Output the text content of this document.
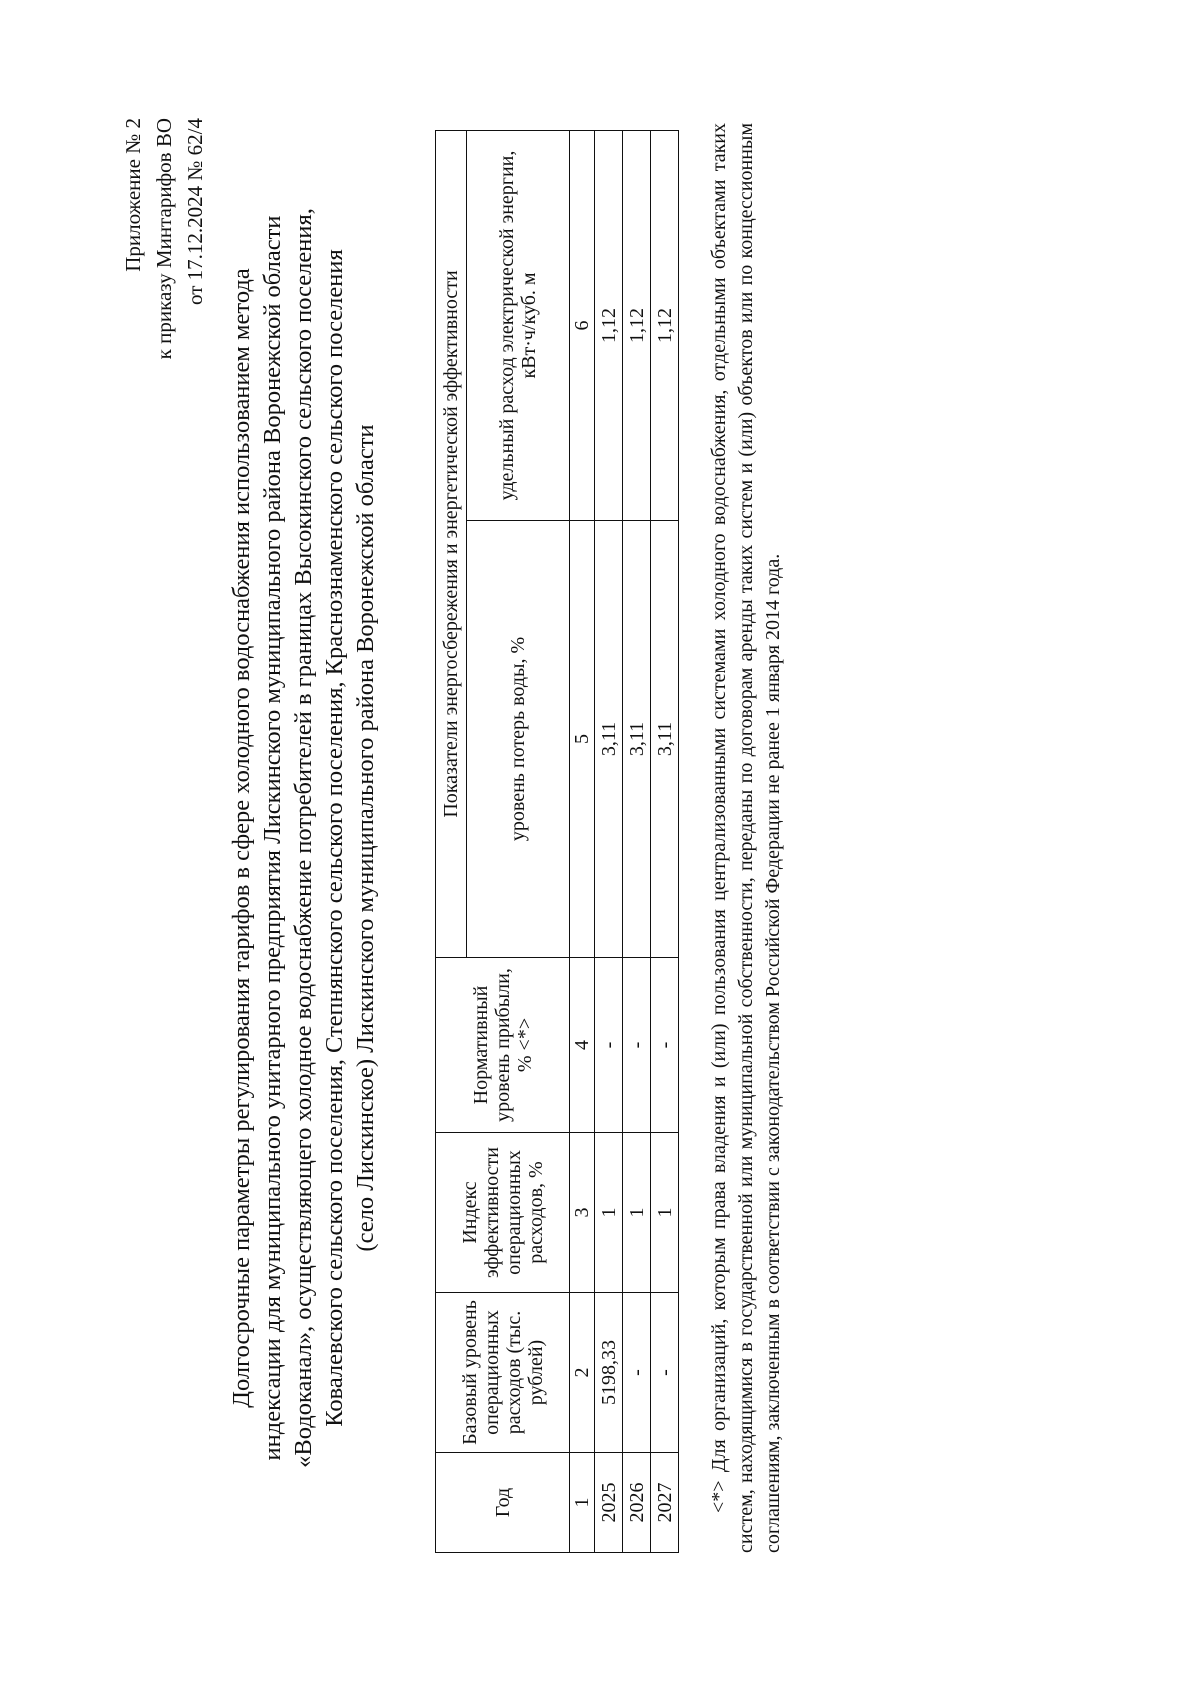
Приложение № 2 к приказу Минтарифов ВО от 17.12.2024 № 62/4
Долгосрочные параметры регулирования тарифов в сфере холодного водоснабжения использованием метода индексации для муниципального унитарного предприятия Лискинского муниципального района Воронежской области «Водоканал», осуществляющего холодное водоснабжение потребителей в границах Высокинского сельского поселения, Ковалевского сельского поселения, Степнянского сельского поселения, Краснознаменского сельского поселения (село Лискинское) Лискинского муниципального района Воронежской области
Год	Базовый уровень операционных расходов (тыс. рублей)	Индекс эффективности операционных расходов, %	Нормативный уровень прибыли, % <*>	Показатели энергосбережения и энергетической эффективности	
				уровень потерь воды, %	удельный расход электрической энергии, кВт·ч/куб. м
1	2	3	4	5	6
2025	5198,33	1	-	3,11	1,12
2026	-	1	-	3,11	1,12
2027	-	1	-	3,11	1,12 <*> Для организаций, которым права владения и (или) пользования централизованными системами холодного водоснабжения, отдельными объектами таких систем, находящимися в государственной или муниципальной собственности, переданы по договорам аренды таких систем и (или) объектов или по концессионным соглашениям, заключенным в соответствии с законодательством Российской Федерации не ранее 1 января 2014 года.
